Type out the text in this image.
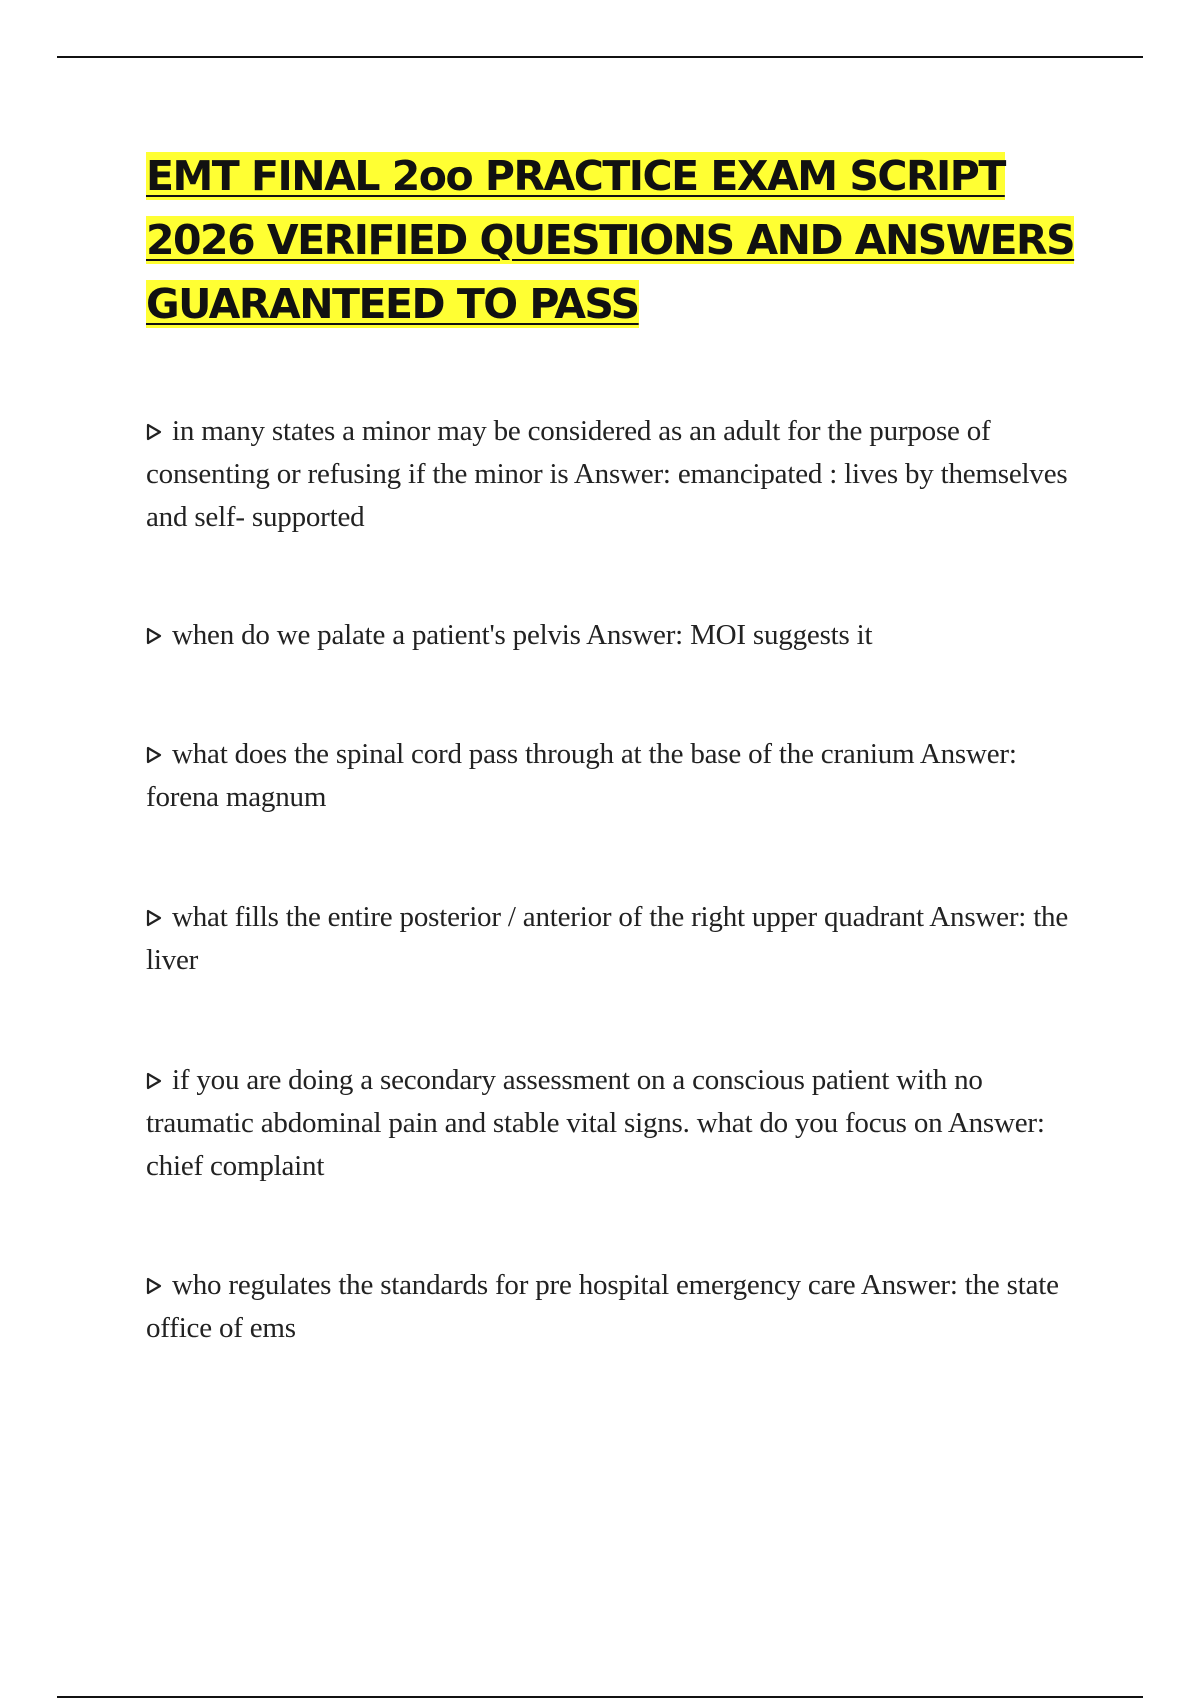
EMT FINAL 2oo PRACTICE EXAM SCRIPT 2026 VERIFIED QUESTIONS AND ANSWERS GUARANTEED TO PASS
in many states a minor may be considered as an adult for the purpose of consenting or refusing if the minor is Answer: emancipated : lives by themselves and self- supported
when do we palate a patient's pelvis Answer: MOI suggests it
what does the spinal cord pass through at the base of the cranium Answer: forena magnum
what fills the entire posterior / anterior of the right upper quadrant Answer: the liver
if you are doing a secondary assessment on a conscious patient with no traumatic abdominal pain and stable vital signs. what do you focus on Answer: chief complaint
who regulates the standards for pre hospital emergency care Answer: the state office of ems
